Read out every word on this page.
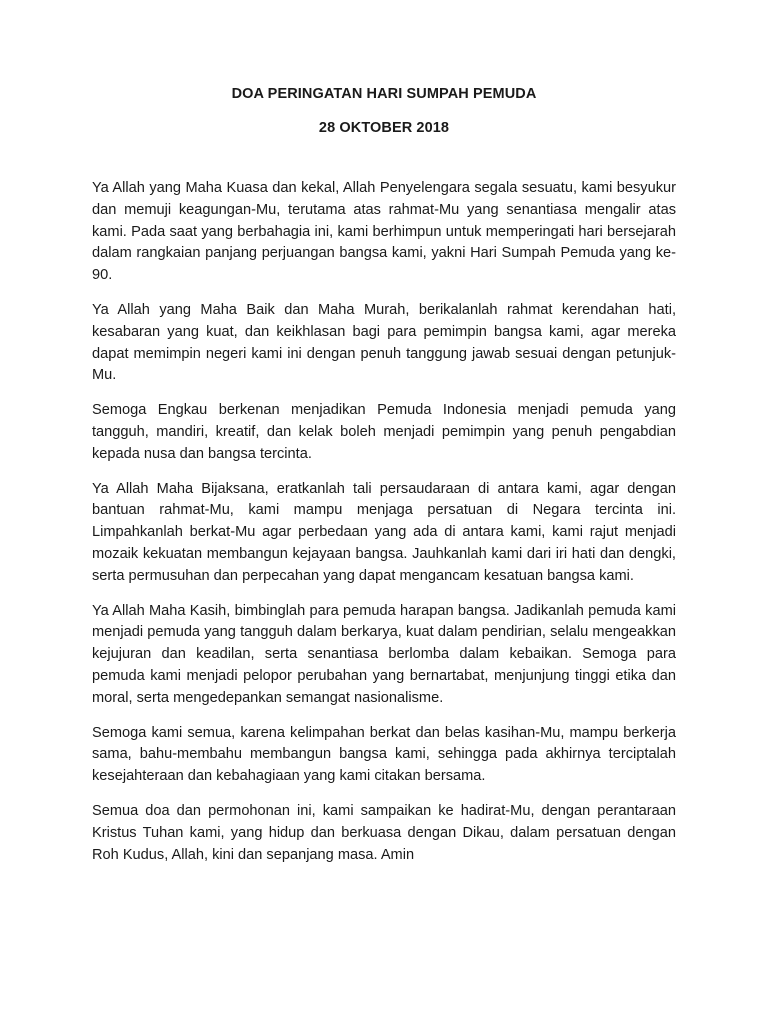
DOA PERINGATAN HARI SUMPAH PEMUDA
28 OKTOBER 2018

Ya Allah yang Maha Kuasa dan kekal, Allah Penyelengara segala sesuatu, kami besyukur dan memuji keagungan-Mu, terutama atas rahmat-Mu yang senantiasa mengalir atas kami. Pada saat yang berbahagia ini, kami berhimpun untuk memperingati hari bersejarah dalam rangkaian panjang perjuangan bangsa kami, yakni Hari Sumpah Pemuda yang ke-90.

Ya Allah yang Maha Baik dan Maha Murah, berikalanlah rahmat kerendahan hati, kesabaran yang kuat, dan keikhlasan bagi para pemimpin bangsa kami, agar mereka dapat memimpin negeri kami ini dengan penuh tanggung jawab sesuai dengan petunjuk-Mu.

Semoga Engkau berkenan menjadikan Pemuda Indonesia menjadi pemuda yang tangguh, mandiri, kreatif, dan kelak boleh menjadi pemimpin yang penuh pengabdian kepada nusa dan bangsa tercinta.

Ya Allah Maha Bijaksana, eratkanlah tali persaudaraan di antara kami, agar dengan bantuan rahmat-Mu, kami mampu menjaga persatuan di Negara tercinta ini. Limpahkanlah berkat-Mu agar perbedaan yang ada di antara kami, kami rajut menjadi mozaik kekuatan membangun kejayaan bangsa. Jauhkanlah kami dari iri hati dan dengki, serta permusuhan dan perpecahan yang dapat mengancam kesatuan bangsa kami.

Ya Allah Maha Kasih, bimbinglah para pemuda harapan bangsa. Jadikanlah pemuda kami menjadi pemuda yang tangguh dalam berkarya, kuat dalam pendirian, selalu mengeakkan kejujuran dan keadilan, serta senantiasa berlomba dalam kebaikan. Semoga para pemuda kami menjadi pelopor perubahan yang bernartabat, menjunjung tinggi etika dan moral, serta mengedepankan semangat nasionalisme.

Semoga kami semua, karena kelimpahan berkat dan belas kasihan-Mu, mampu berkerja sama, bahu-membahu membangun bangsa kami, sehingga pada akhirnya terciptalah kesejahteraan dan kebahagiaan yang kami citakan bersama.

Semua doa dan permohonan ini, kami sampaikan ke hadirat-Mu, dengan perantaraan Kristus Tuhan kami, yang hidup dan berkuasa dengan Dikau, dalam persatuan dengan Roh Kudus, Allah, kini dan sepanjang masa. Amin
